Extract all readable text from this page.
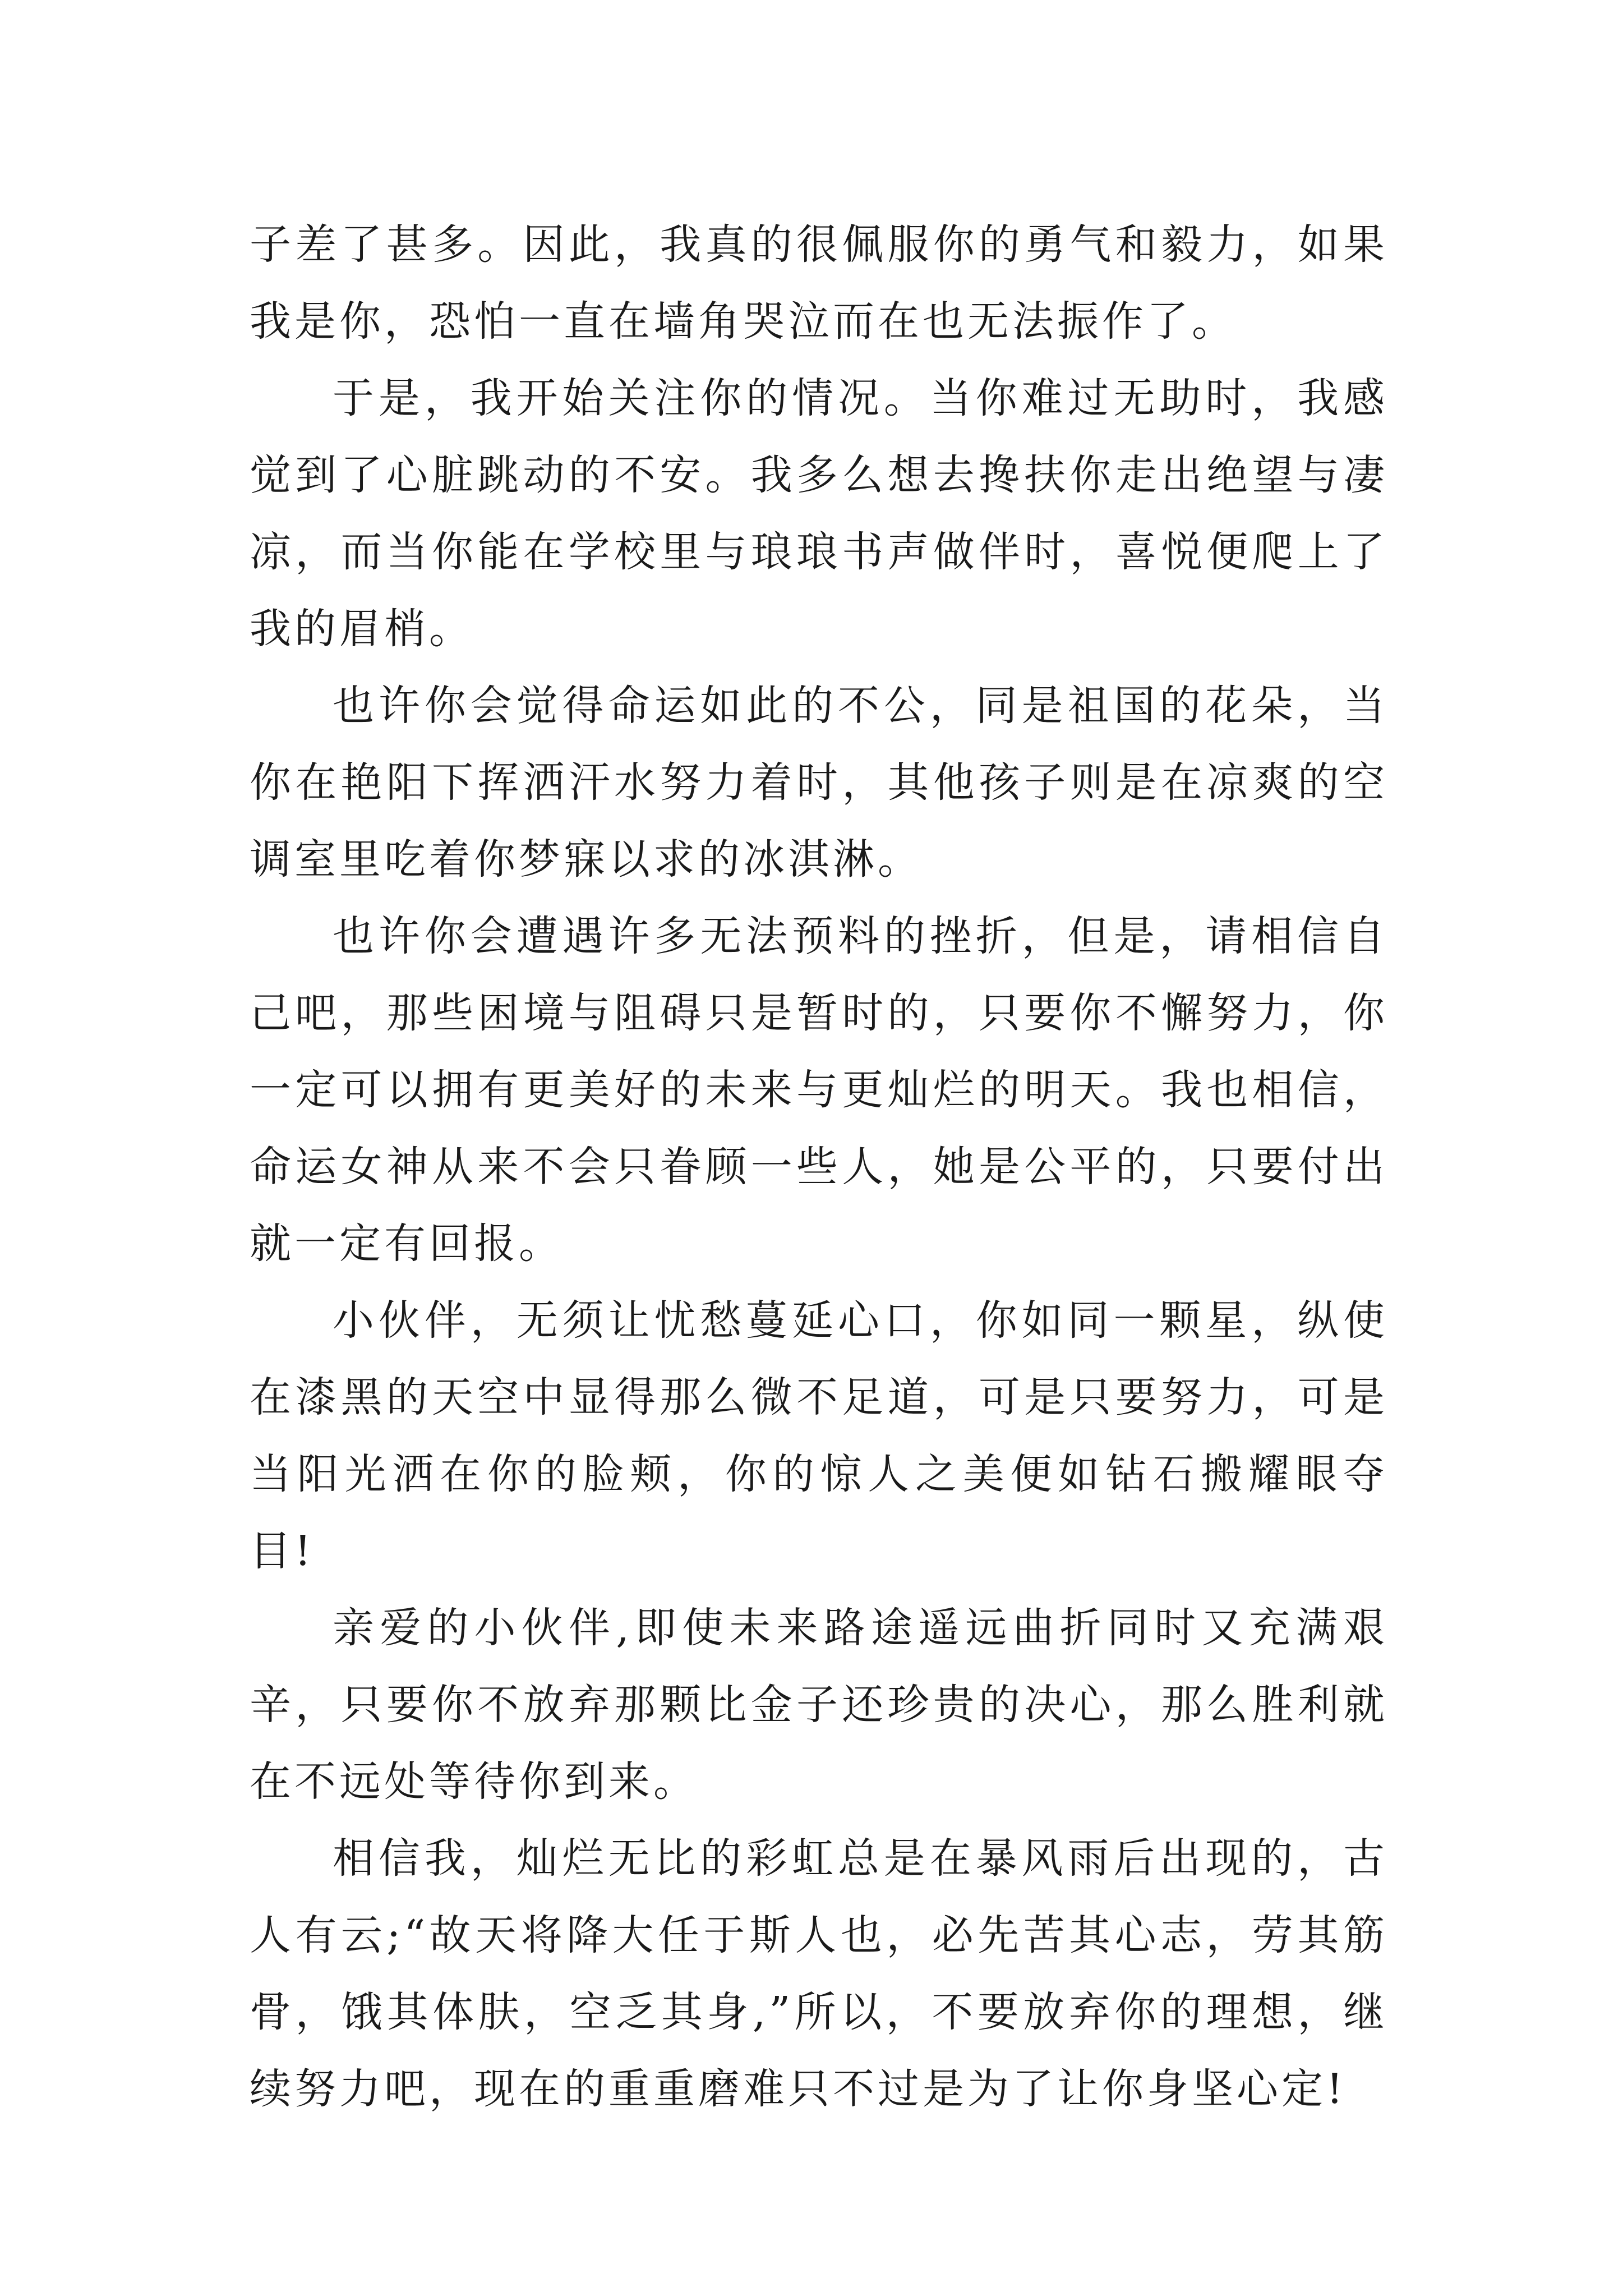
子差了甚多。因此，我真的很佩服你的勇气和毅力，如果我是你，恐怕一直在墙角哭泣而在也无法振作了。

于是，我开始关注你的情况。当你难过无助时，我感觉到了心脏跳动的不安。我多么想去搀扶你走出绝望与凄凉，而当你能在学校里与琅琅书声做伴时，喜悦便爬上了我的眉梢。

也许你会觉得命运如此的不公，同是祖国的花朵，当你在艳阳下挥洒汗水努力着时，其他孩子则是在凉爽的空调室里吃着你梦寐以求的冰淇淋。

也许你会遭遇许多无法预料的挫折，但是，请相信自己吧，那些困境与阻碍只是暂时的，只要你不懈努力，你一定可以拥有更美好的未来与更灿烂的明天。我也相信，命运女神从来不会只眷顾一些人，她是公平的，只要付出就一定有回报。

小伙伴，无须让忧愁蔓延心口，你如同一颗星，纵使在漆黑的天空中显得那么微不足道，可是只要努力，可是当阳光洒在你的脸颊，你的惊人之美便如钻石搬耀眼夺目!

亲爱的小伙伴,即使未来路途遥远曲折同时又充满艰辛，只要你不放弃那颗比金子还珍贵的决心，那么胜利就在不远处等待你到来。

相信我，灿烂无比的彩虹总是在暴风雨后出现的，古人有云;“故天将降大任于斯人也，必先苦其心志，劳其筋骨，饿其体肤，空乏其身,”所以，不要放弃你的理想，继续努力吧，现在的重重磨难只不过是为了让你身坚心定!
